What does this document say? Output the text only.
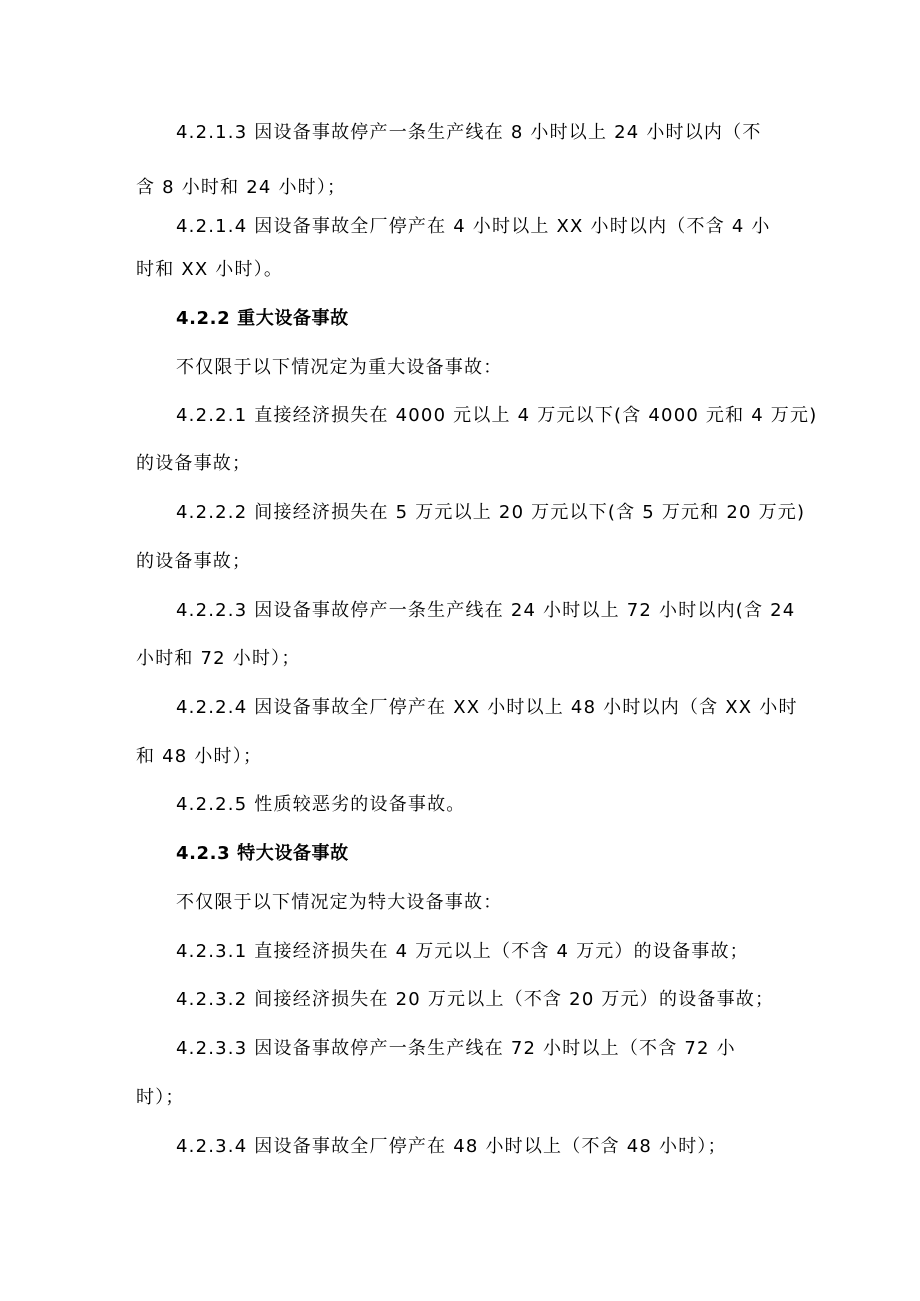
4.2.1.3 因设备事故停产一条生产线在 8 小时以上 24 小时以内（不
含 8 小时和 24 小时）；
4.2.1.4 因设备事故全厂停产在 4 小时以上 XX 小时以内（不含 4 小
时和 XX 小时）。
4.2.2 重大设备事故
不仅限于以下情况定为重大设备事故：
4.2.2.1 直接经济损失在 4000 元以上 4 万元以下(含 4000 元和 4 万元)
的设备事故；
4.2.2.2 间接经济损失在 5 万元以上 20 万元以下(含 5 万元和 20 万元)
的设备事故；
4.2.2.3 因设备事故停产一条生产线在 24 小时以上 72 小时以内(含 24
小时和 72 小时）；
4.2.2.4 因设备事故全厂停产在 XX 小时以上 48 小时以内（含 XX 小时
和 48 小时）；
4.2.2.5 性质较恶劣的设备事故。
4.2.3 特大设备事故
不仅限于以下情况定为特大设备事故：
4.2.3.1 直接经济损失在 4 万元以上（不含 4 万元）的设备事故；
4.2.3.2 间接经济损失在 20 万元以上（不含 20 万元）的设备事故；
4.2.3.3 因设备事故停产一条生产线在 72 小时以上（不含 72 小
时）；
4.2.3.4 因设备事故全厂停产在 48 小时以上（不含 48 小时）；
